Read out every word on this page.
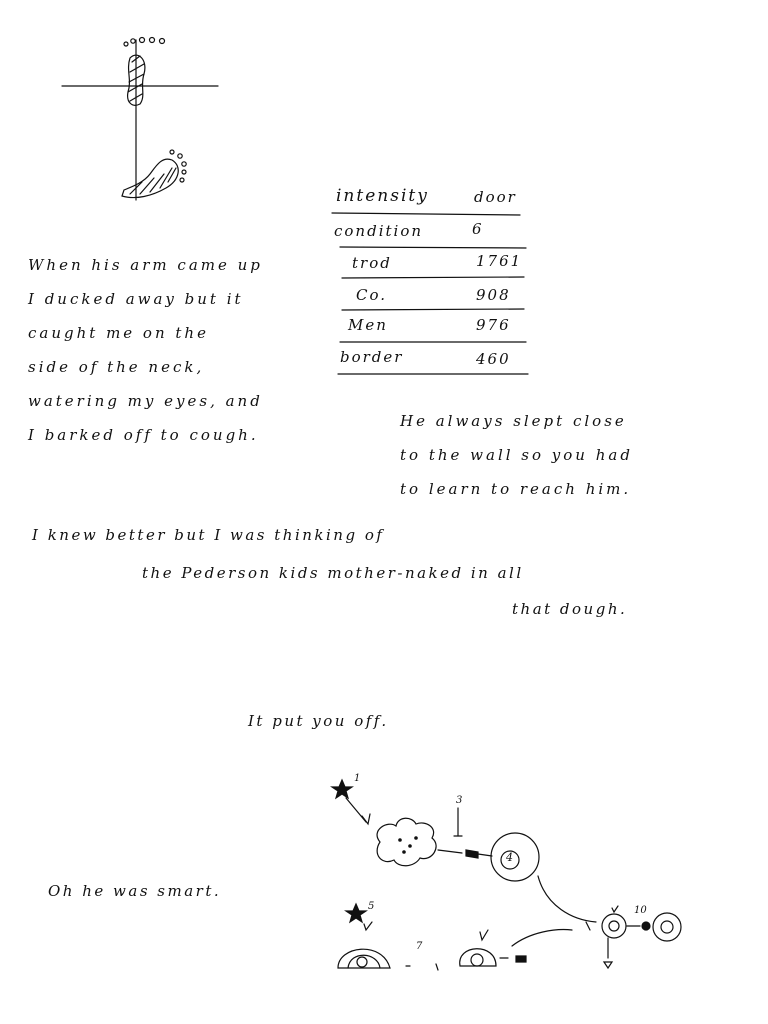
intensity	door
condition	6
trod	1761
Co.	908
Men	976
border	460
When his arm came up
I ducked away but it
caught me on the
side of the neck,
watering my eyes, and
I barked off to cough.
He always slept close
to the wall so you had
to learn to reach him.
I knew better but I was thinking of
the Pederson kids mother-naked in all
that dough.
It put you off.
Oh he was smart.
1
3
4
5
7
10
